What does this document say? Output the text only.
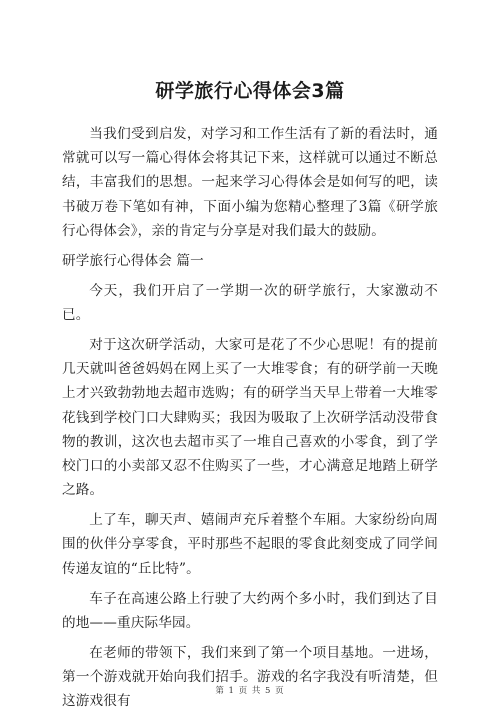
研学旅行心得体会3篇

当我们受到启发，对学习和工作生活有了新的看法时，通常就可以写一篇心得体会将其记下来，这样就可以通过不断总结，丰富我们的思想。一起来学习心得体会是如何写的吧，读书破万卷下笔如有神，下面小编为您精心整理了3篇《研学旅行心得体会》，亲的肯定与分享是对我们最大的鼓励。

研学旅行心得体会 篇一

今天，我们开启了一学期一次的研学旅行，大家激动不已。

对于这次研学活动，大家可是花了不少心思呢！有的提前几天就叫爸爸妈妈在网上买了一大堆零食；有的研学前一天晚上才兴致勃勃地去超市选购；有的研学当天早上带着一大堆零花钱到学校门口大肆购买；我因为吸取了上次研学活动没带食物的教训，这次也去超市买了一堆自己喜欢的小零食，到了学校门口的小卖部又忍不住购买了一些，才心满意足地踏上研学之路。

上了车，聊天声、嬉闹声充斥着整个车厢。大家纷纷向周围的伙伴分享零食，平时那些不起眼的零食此刻变成了同学间传递友谊的“丘比特”。

车子在高速公路上行驶了大约两个多小时，我们到达了目的地——重庆际华园。

在老师的带领下，我们来到了第一个项目基地。一进场，第一个游戏就开始向我们招手。游戏的名字我没有听清楚，但这游戏很有

第 1 页 共 5 页
